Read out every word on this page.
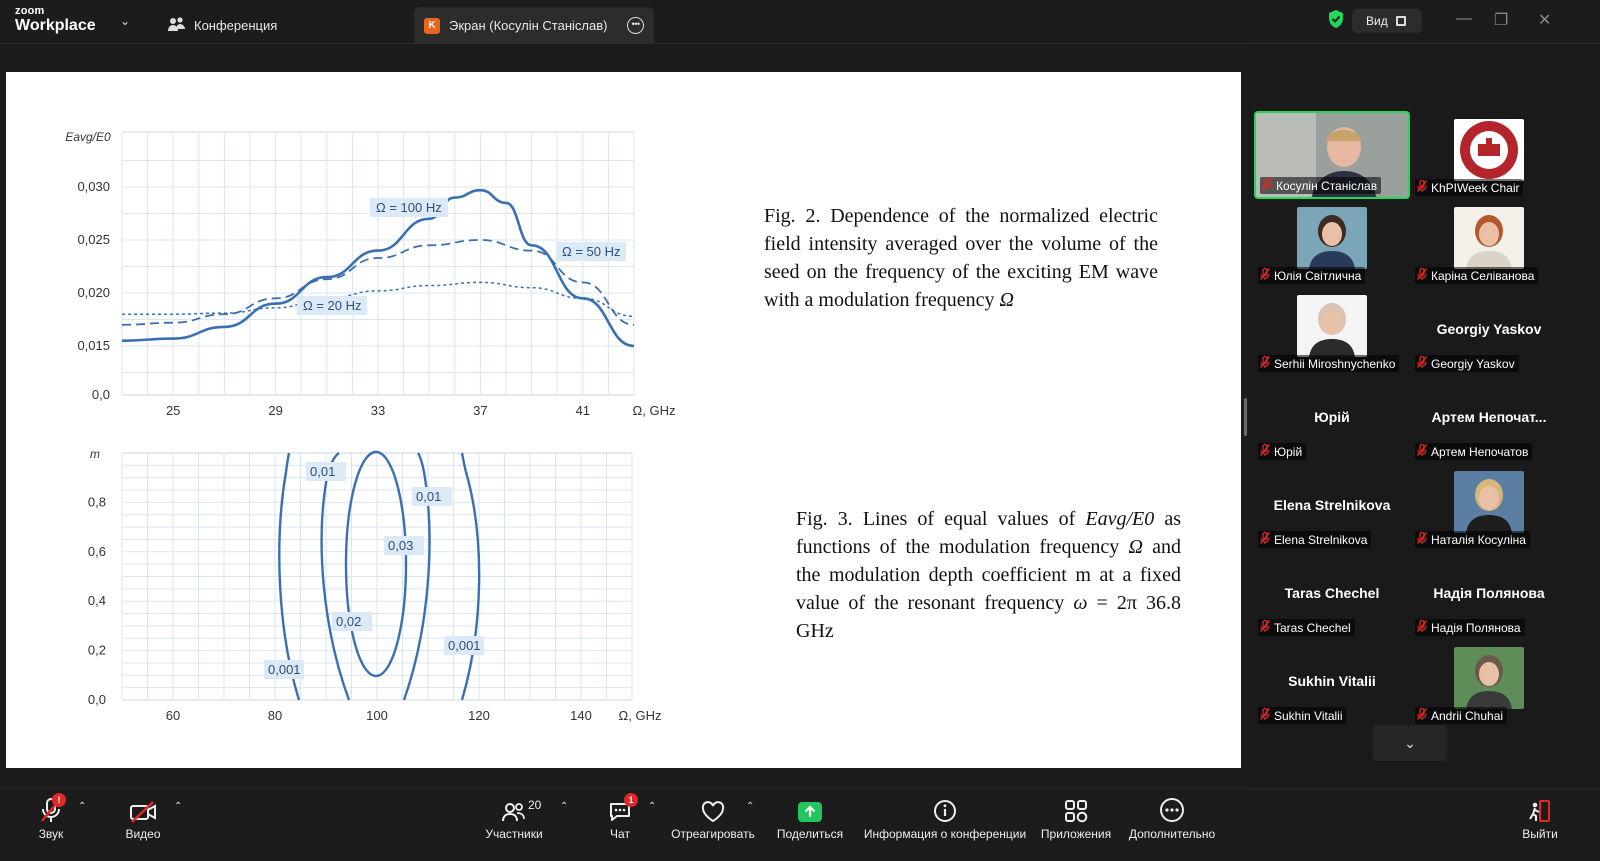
zoom
Workplace ⌄	Конференция	K	Экран (Косулін Станіслав)	•••	Вид	— ❐ ✕
0,0
0,015
0,020
0,025
0,030
25	29	33	37	41	Ω, GHz
Eavg/E0
Ω = 100 Hz
Ω = 50 Hz
Ω = 20 Hz
0,0
0,2
0,4
0,6
0,8
60	80	100	120	140 Ω, GHz
m
0,01
0,01
0,03
0,02
0,001
0,001
Fig. 2. Dependence of the normalized electric field intensity averaged over the volume of the seed on the frequency of the exciting EM wave with a modulation frequency Ω
Fig. 3. Lines of equal values of Eavg/E0 as functions of the modulation frequency Ω and the modulation depth coefficient m at a fixed value of the resonant frequency ω = 2π 36.8 GHz
Косулін Станіслав	KhPIWeek Chair
Юлія Світлична	Каріна Селіванова
Serhii Miroshnychenko
Georgiy Yaskov
Georgiy Yaskov
Юрій
Юрій
Артем Непочат...
Артем Непочатов
Elena Strelnikova
Elena Strelnikova	Наталія Косуліна
Taras Chechel
Taras Chechel
Надія Полянова
Надія Полянова
Sukhin Vitalii
Sukhin Vitalii	Andrii Chuhai
⌄
Звук
!
⌃
Видео
⌃
Участники
20 ⌃
Чат
1
⌃
Отреагировать
⌃
Поделиться Информация о конференции Приложения	Дополнительно	Выйти
